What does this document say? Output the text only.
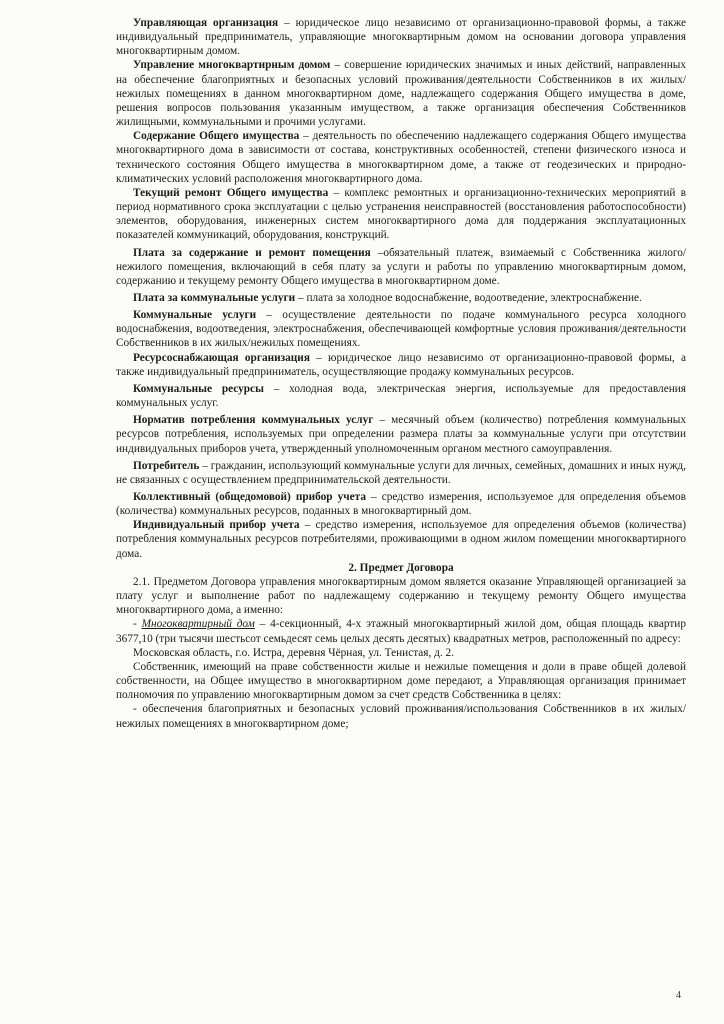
Управляющая организация – юридическое лицо независимо от организационно-правовой формы, а также индивидуальный предприниматель, управляющие многоквартирным домом на основании договора управления многоквартирным домом.

Управление многоквартирным домом – совершение юридических значимых и иных действий, направленных на обеспечение благоприятных и безопасных условий проживания/деятельности Собственников в их жилых/нежилых помещениях в данном многоквартирном доме, надлежащего содержания Общего имущества в доме, решения вопросов пользования указанным имуществом, а также организация обеспечения Собственников жилищными, коммунальными и прочими услугами.

Содержание Общего имущества – деятельность по обеспечению надлежащего содержания Общего имущества многоквартирного дома в зависимости от состава, конструктивных особенностей, степени физического износа и технического состояния Общего имущества в многоквартирном доме, а также от геодезических и природно-климатических условий расположения многоквартирного дома.

Текущий ремонт Общего имущества – комплекс ремонтных и организационно-технических мероприятий в период нормативного срока эксплуатации с целью устранения неисправностей (восстановления работоспособности) элементов, оборудования, инженерных систем многоквартирного дома для поддержания эксплуатационных показателей коммуникаций, оборудования, конструкций.

Плата за содержание и ремонт помещения –обязательный платеж, взимаемый с Собственника жилого/нежилого помещения, включающий в себя плату за услуги и работы по управлению многоквартирным домом, содержанию и текущему ремонту Общего имущества в многоквартирном доме.

Плата за коммунальные услуги – плата за холодное водоснабжение, водоотведение, электроснабжение.

Коммунальные услуги – осуществление деятельности по подаче коммунального ресурса холодного водоснабжения, водоотведения, электроснабжения, обеспечивающей комфортные условия проживания/деятельности Собственников в их жилых/нежилых помещениях.

Ресурсоснабжающая организация – юридическое лицо независимо от организационно-правовой формы, а также индивидуальный предприниматель, осуществляющие продажу коммунальных ресурсов.

Коммунальные ресурсы – холодная вода, электрическая энергия, используемые для предоставления коммунальных услуг.

Норматив потребления коммунальных услуг – месячный объем (количество) потребления коммунальных ресурсов потребления, используемых при определении размера платы за коммунальные услуги при отсутствии индивидуальных приборов учета, утвержденный уполномоченным органом местного самоуправления.

Потребитель – гражданин, использующий коммунальные услуги для личных, семейных, домашних и иных нужд, не связанных с осуществлением предпринимательской деятельности.

Коллективный (общедомовой) прибор учета – средство измерения, используемое для определения объемов (количества) коммунальных ресурсов, поданных в многоквартирный дом.

Индивидуальный прибор учета – средство измерения, используемое для определения объемов (количества) потребления коммунальных ресурсов потребителями, проживающими в одном жилом помещении многоквартирного дома.

2. Предмет Договора

2.1. Предметом Договора управления многоквартирным домом является оказание Управляющей организацией за плату услуг и выполнение работ по надлежащему содержанию и текущему ремонту Общего имущества многоквартирного дома, а именно:

- Многоквартирный дом – 4-секционный, 4-х этажный многоквартирный жилой дом, общая площадь квартир 3677,10 (три тысячи шестьсот семьдесят семь целых десять десятых) квадратных метров, расположенный по адресу:

Московская область, г.о. Истра, деревня Чёрная, ул. Тенистая, д. 2.

Собственник, имеющий на праве собственности жилые и нежилые помещения и доли в праве общей долевой собственности, на Общее имущество в многоквартирном доме передают, а Управляющая организация принимает полномочия по управлению многоквартирным домом за счет средств Собственника в целях:

- обеспечения благоприятных и безопасных условий проживания/использования Собственников в их жилых/нежилых помещениях в многоквартирном доме;

4
